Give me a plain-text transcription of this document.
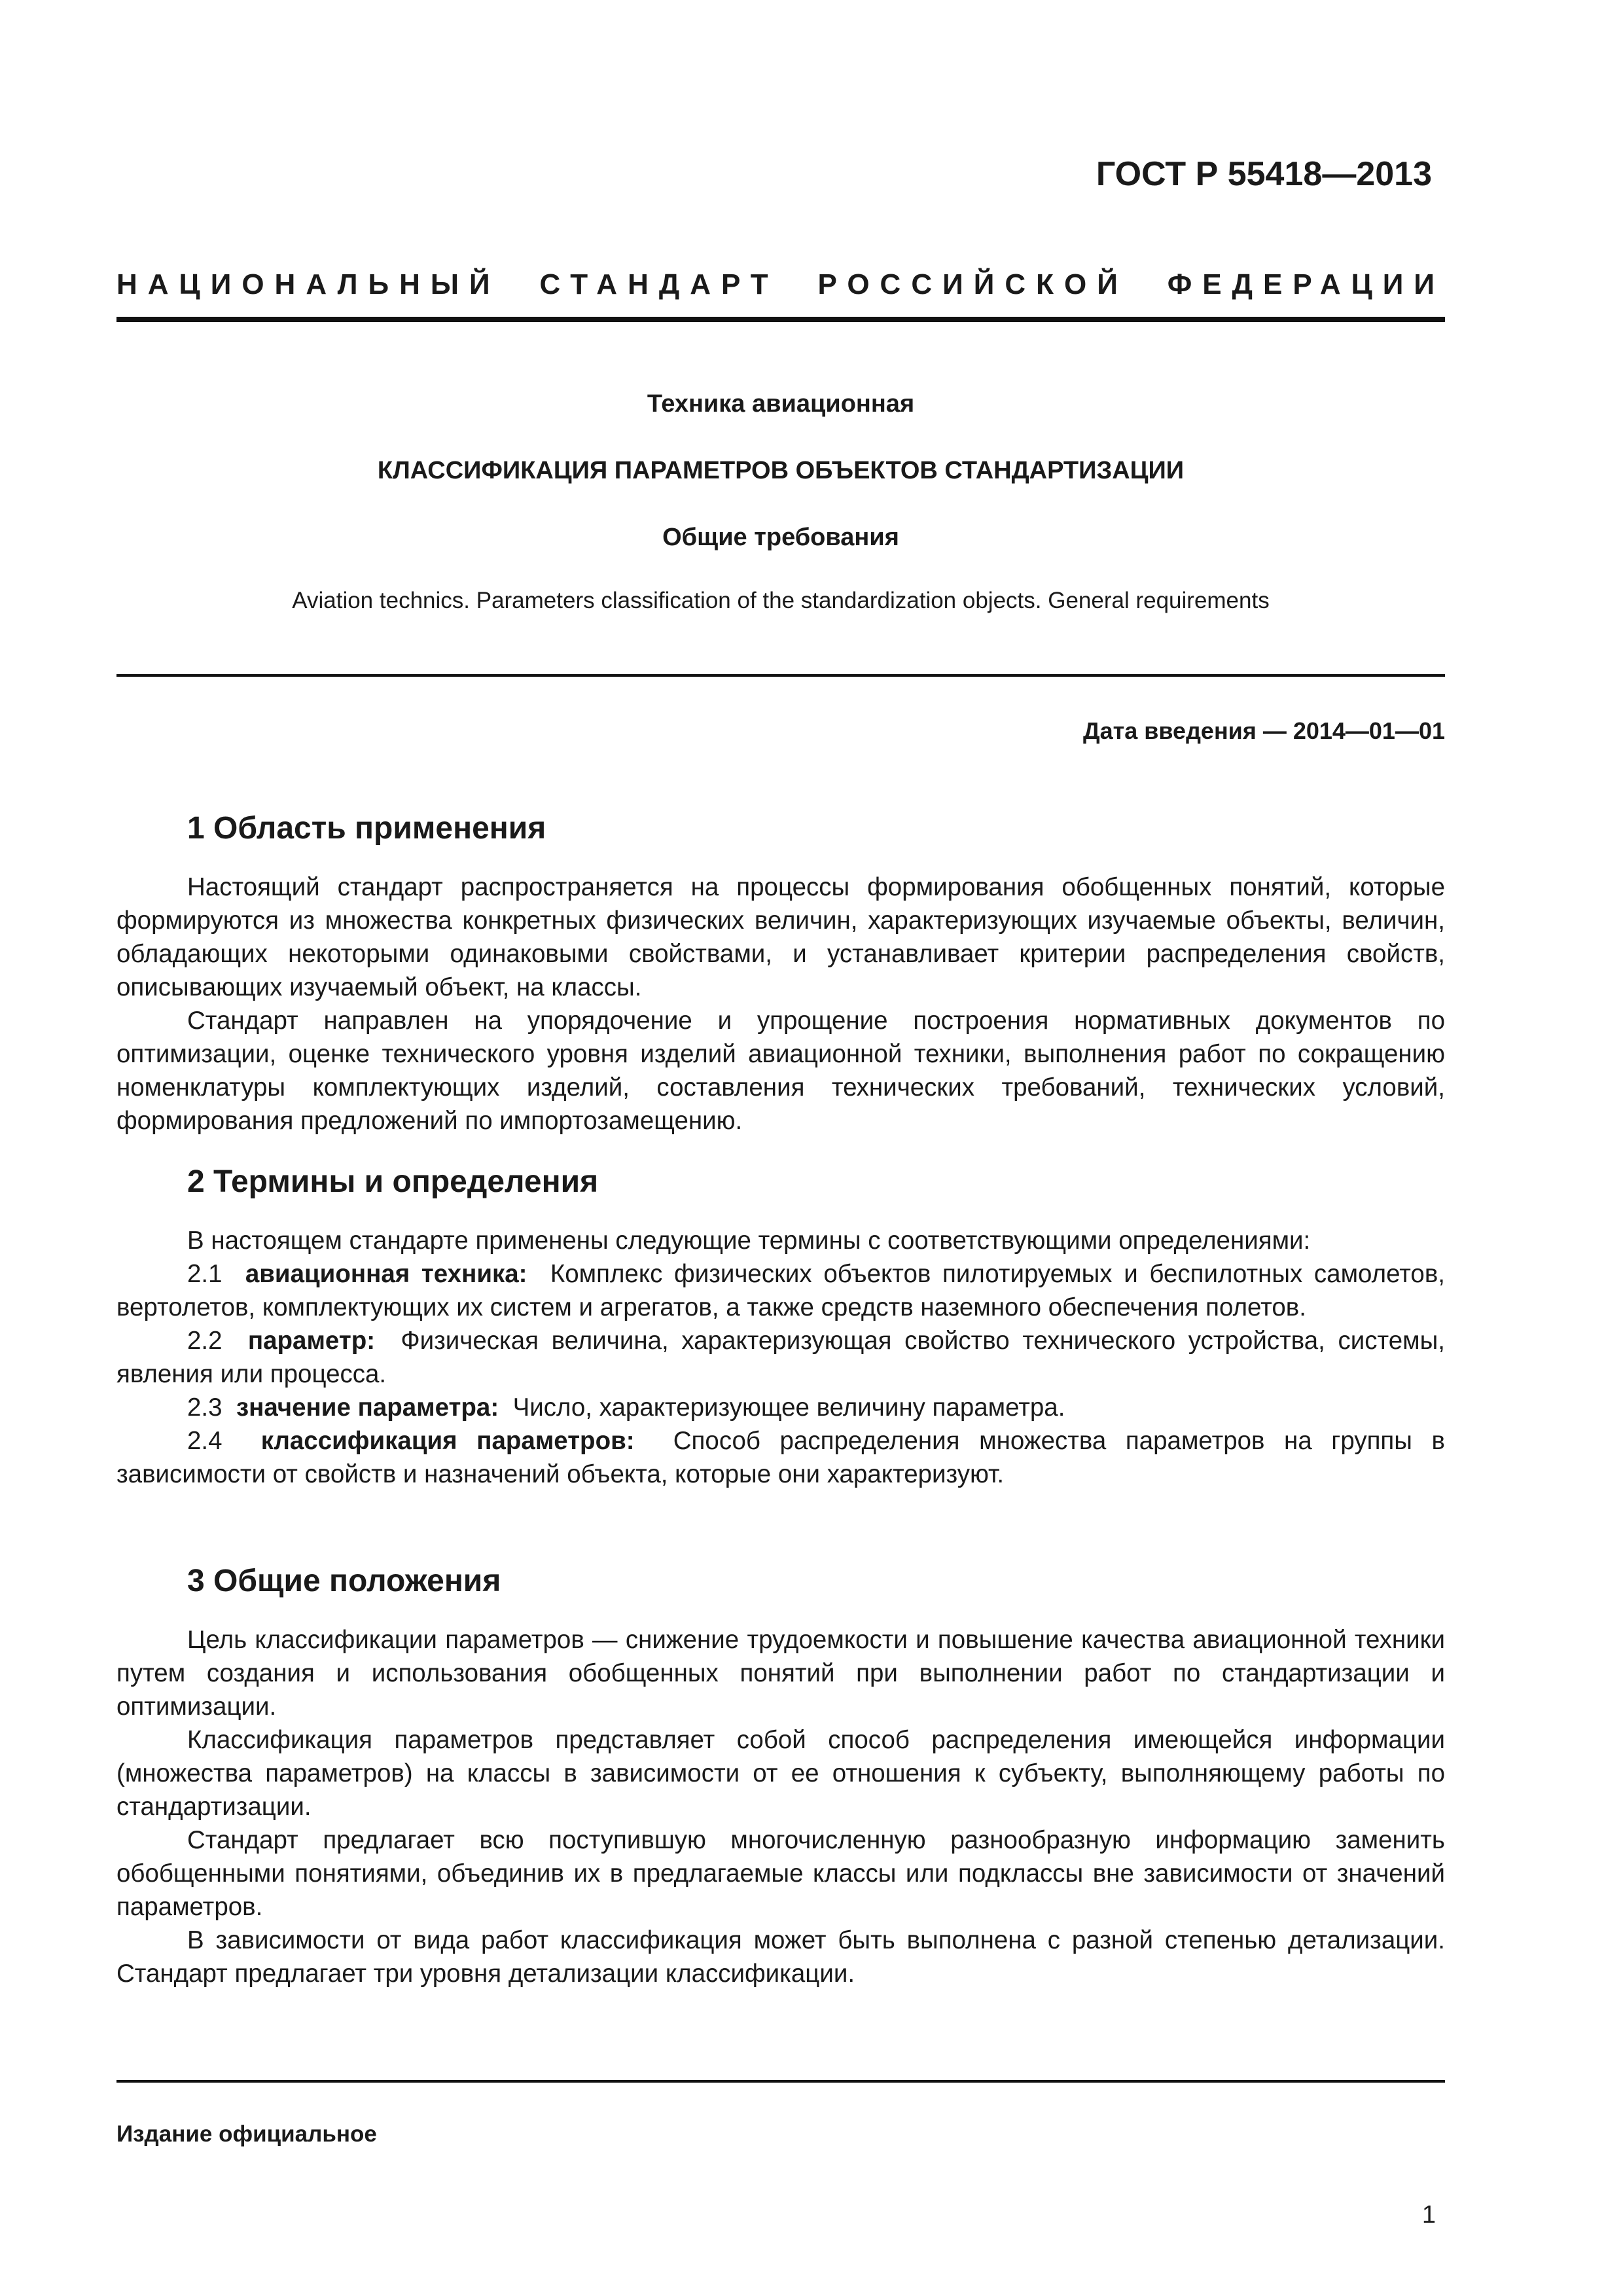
ГОСТ Р 55418—2013

НАЦИОНАЛЬНЫЙ СТАНДАРТ РОССИЙСКОЙ ФЕДЕРАЦИИ

Техника авиационная

КЛАССИФИКАЦИЯ ПАРАМЕТРОВ ОБЪЕКТОВ СТАНДАРТИЗАЦИИ

Общие требования

Aviation technics. Parameters classification of the standardization objects. General requirements

Дата введения — 2014—01—01

1 Область применения

Настоящий стандарт распространяется на процессы формирования обобщенных понятий, которые формируются из множества конкретных физических величин, характеризующих изучаемые объекты, величин, обладающих некоторыми одинаковыми свойствами, и устанавливает критерии распределения свойств, описывающих изучаемый объект, на классы.

Стандарт направлен на упорядочение и упрощение построения нормативных документов по оптимизации, оценке технического уровня изделий авиационной техники, выполнения работ по сокращению номенклатуры комплектующих изделий, составления технических требований, технических условий, формирования предложений по импортозамещению.

2 Термины и определения

В настоящем стандарте применены следующие термины с соответствующими определениями:

2.1 авиационная техника: Комплекс физических объектов пилотируемых и беспилотных самолетов, вертолетов, комплектующих их систем и агрегатов, а также средств наземного обеспечения полетов.

2.2 параметр: Физическая величина, характеризующая свойство технического устройства, системы, явления или процесса.

2.3 значение параметра: Число, характеризующее величину параметра.

2.4 классификация параметров: Способ распределения множества параметров на группы в зависимости от свойств и назначений объекта, которые они характеризуют.

3 Общие положения

Цель классификации параметров — снижение трудоемкости и повышение качества авиационной техники путем создания и использования обобщенных понятий при выполнении работ по стандартизации и оптимизации.

Классификация параметров представляет собой способ распределения имеющейся информации (множества параметров) на классы в зависимости от ее отношения к субъекту, выполняющему работы по стандартизации.

Стандарт предлагает всю поступившую многочисленную разнообразную информацию заменить обобщенными понятиями, объединив их в предлагаемые классы или подклассы вне зависимости от значений параметров.

В зависимости от вида работ классификация может быть выполнена с разной степенью детализации. Стандарт предлагает три уровня детализации классификации.

Издание официальное

1
